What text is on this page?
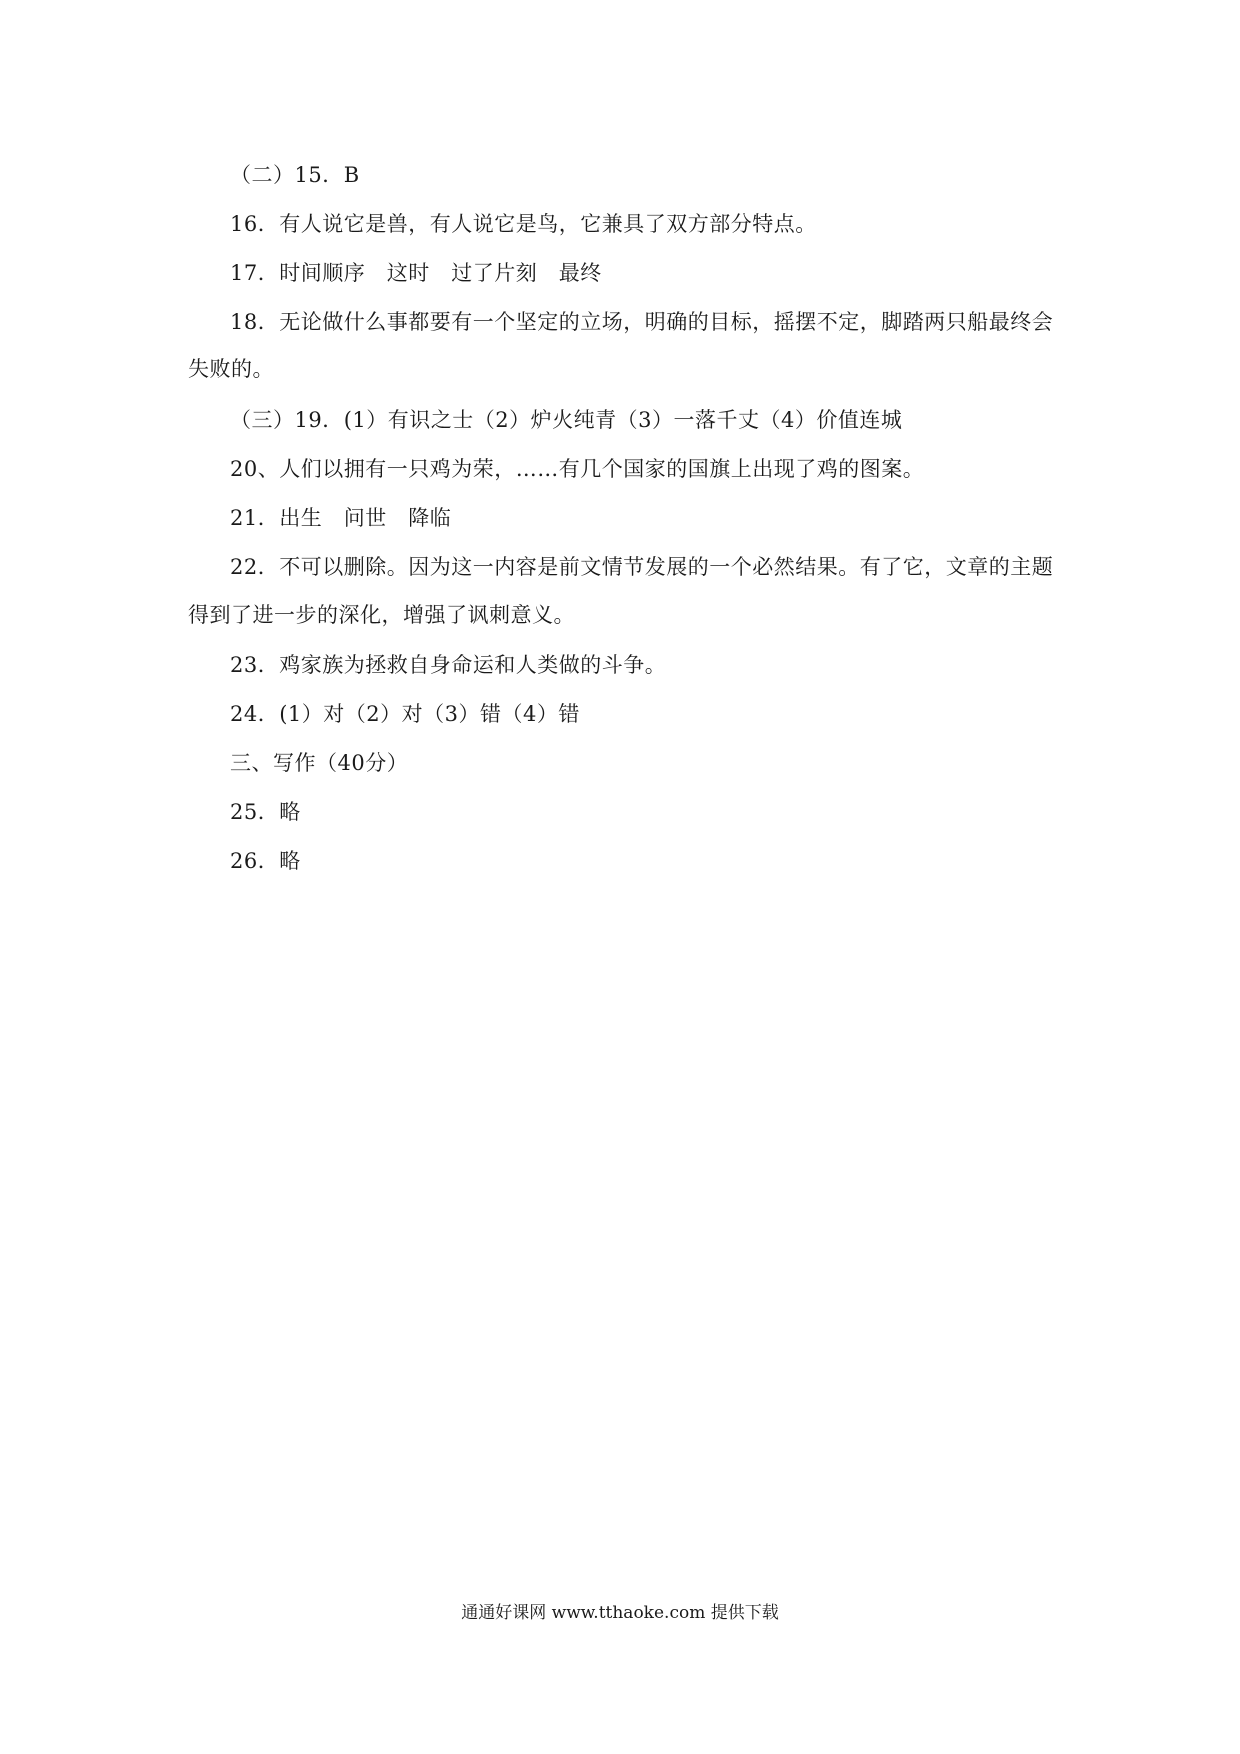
（二）15．B
16．有人说它是兽，有人说它是鸟，它兼具了双方部分特点。
17．时间顺序　这时　过了片刻　最终
18．无论做什么事都要有一个坚定的立场，明确的目标，摇摆不定，脚踏两只船最终会
失败的。
（三）19．(1）有识之士（2）炉火纯青（3）一落千丈（4）价值连城
20、人们以拥有一只鸡为荣，……有几个国家的国旗上出现了鸡的图案。
21．出生　问世　降临
22．不可以删除。因为这一内容是前文情节发展的一个必然结果。有了它，文章的主题
得到了进一步的深化，增强了讽刺意义。
23．鸡家族为拯救自身命运和人类做的斗争。
24．(1）对（2）对（3）错（4）错
三、写作（40分）
25．略
26．略
通通好课网 www.tthaoke.com 提供下载
